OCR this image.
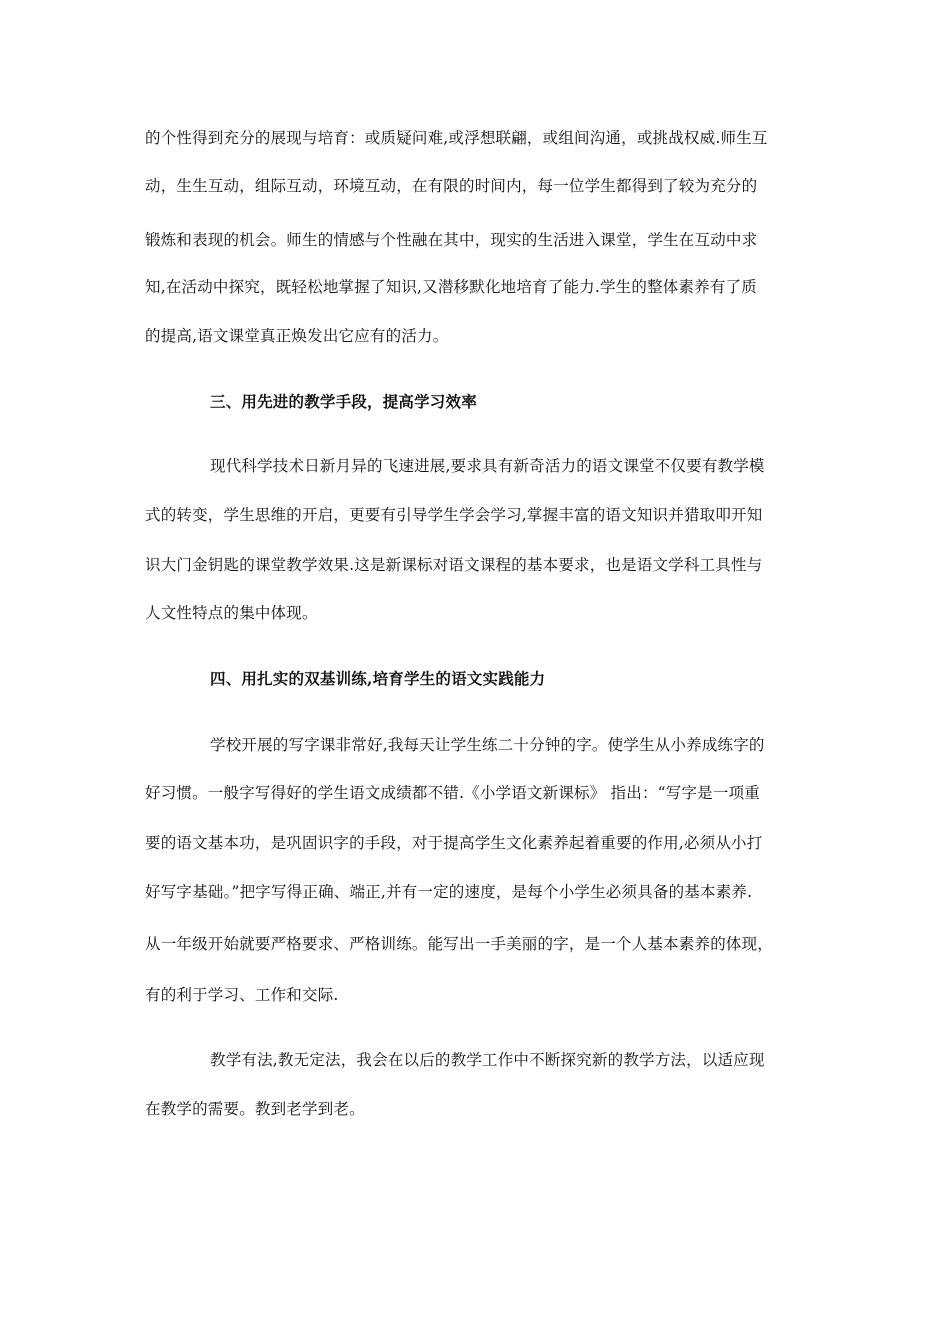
的个性得到充分的展现与培育：或质疑问难,或浮想联翩，或组间沟通，或挑战权威.师生互
动，生生互动，组际互动，环境互动，在有限的时间内，每一位学生都得到了较为充分的
锻炼和表现的机会。师生的情感与个性融在其中，现实的生活进入课堂，学生在互动中求
知,在活动中探究，既轻松地掌握了知识,又潜移默化地培育了能力.学生的整体素养有了质
的提高,语文课堂真正焕发出它应有的活力。
三、用先进的教学手段，提高学习效率
现代科学技术日新月异的飞速进展,要求具有新奇活力的语文课堂不仅要有教学模
式的转变，学生思维的开启，更要有引导学生学会学习,掌握丰富的语文知识并猎取叩开知
识大门金钥匙的课堂教学效果.这是新课标对语文课程的基本要求，也是语文学科工具性与
人文性特点的集中体现。
四、用扎实的双基训练,培育学生的语文实践能力
学校开展的写字课非常好,我每天让学生练二十分钟的字。使学生从小养成练字的
好习惯。一般字写得好的学生语文成绩都不错.《小学语文新课标》 指出：“写字是一项重
要的语文基本功，是巩固识字的手段，对于提高学生文化素养起着重要的作用,必须从小打
好写字基础。”把字写得正确、端正,并有一定的速度，是每个小学生必须具备的基本素养.
从一年级开始就要严格要求、严格训练。能写出一手美丽的字，是一个人基本素养的体现，
有的利于学习、工作和交际.
教学有法,教无定法，我会在以后的教学工作中不断探究新的教学方法，以适应现
在教学的需要。教到老学到老。
